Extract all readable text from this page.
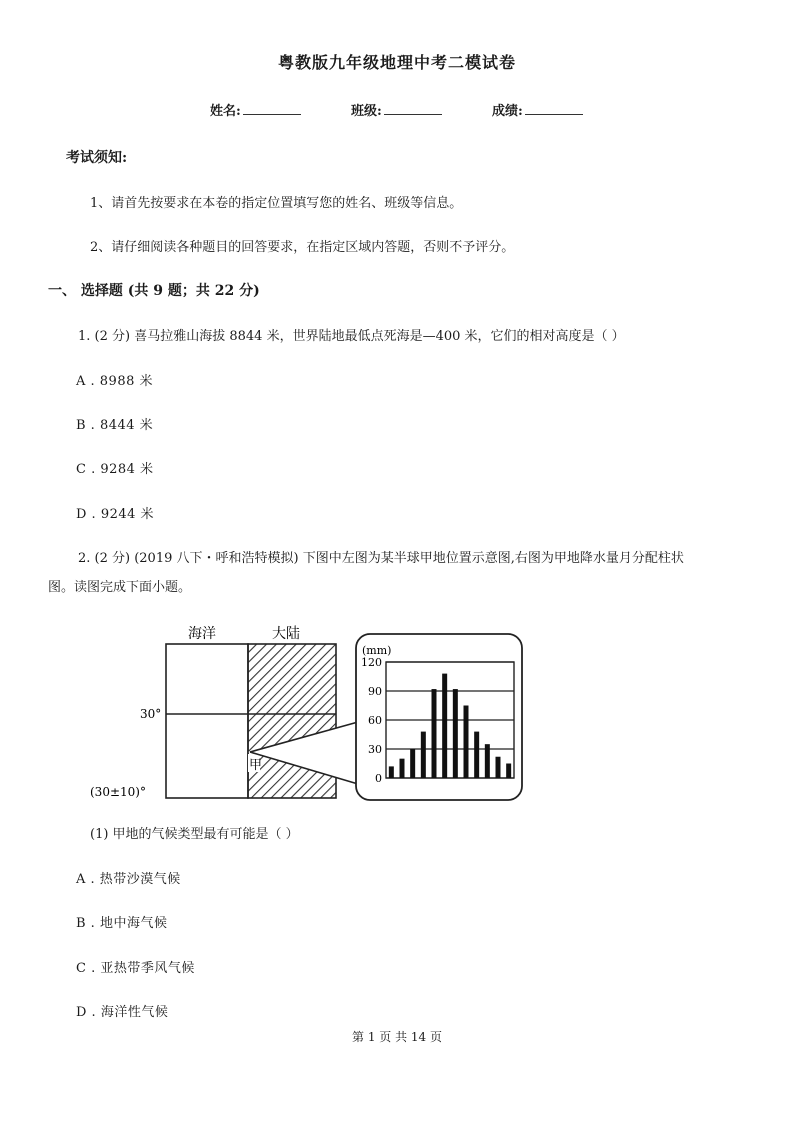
粤教版九年级地理中考二模试卷
姓名:	班级:	成绩:
考试须知:
1、请首先按要求在本卷的指定位置填写您的姓名、班级等信息。
2、请仔细阅读各种题目的回答要求，在指定区域内答题，否则不予评分。
一、 选择题 (共 9 题；共 22 分)
1. (2 分) 喜马拉雅山海拔 8844 米，世界陆地最低点死海是—400 米，它们的相对高度是（ ）
A . 8988 米
B . 8444 米
C . 9284 米
D . 9244 米
2. (2 分) (2019 八下・呼和浩特模拟) 下图中左图为某半球甲地位置示意图,右图为甲地降水量月分配柱状
图。读图完成下面小题。
海洋	大陆
甲
30°
(30±10)°
(mm)
0
30
60
90
120
(1) 甲地的气候类型最有可能是（ ）
A . 热带沙漠气候
B . 地中海气候
C . 亚热带季风气候
D . 海洋性气候
第 1 页 共 14 页
